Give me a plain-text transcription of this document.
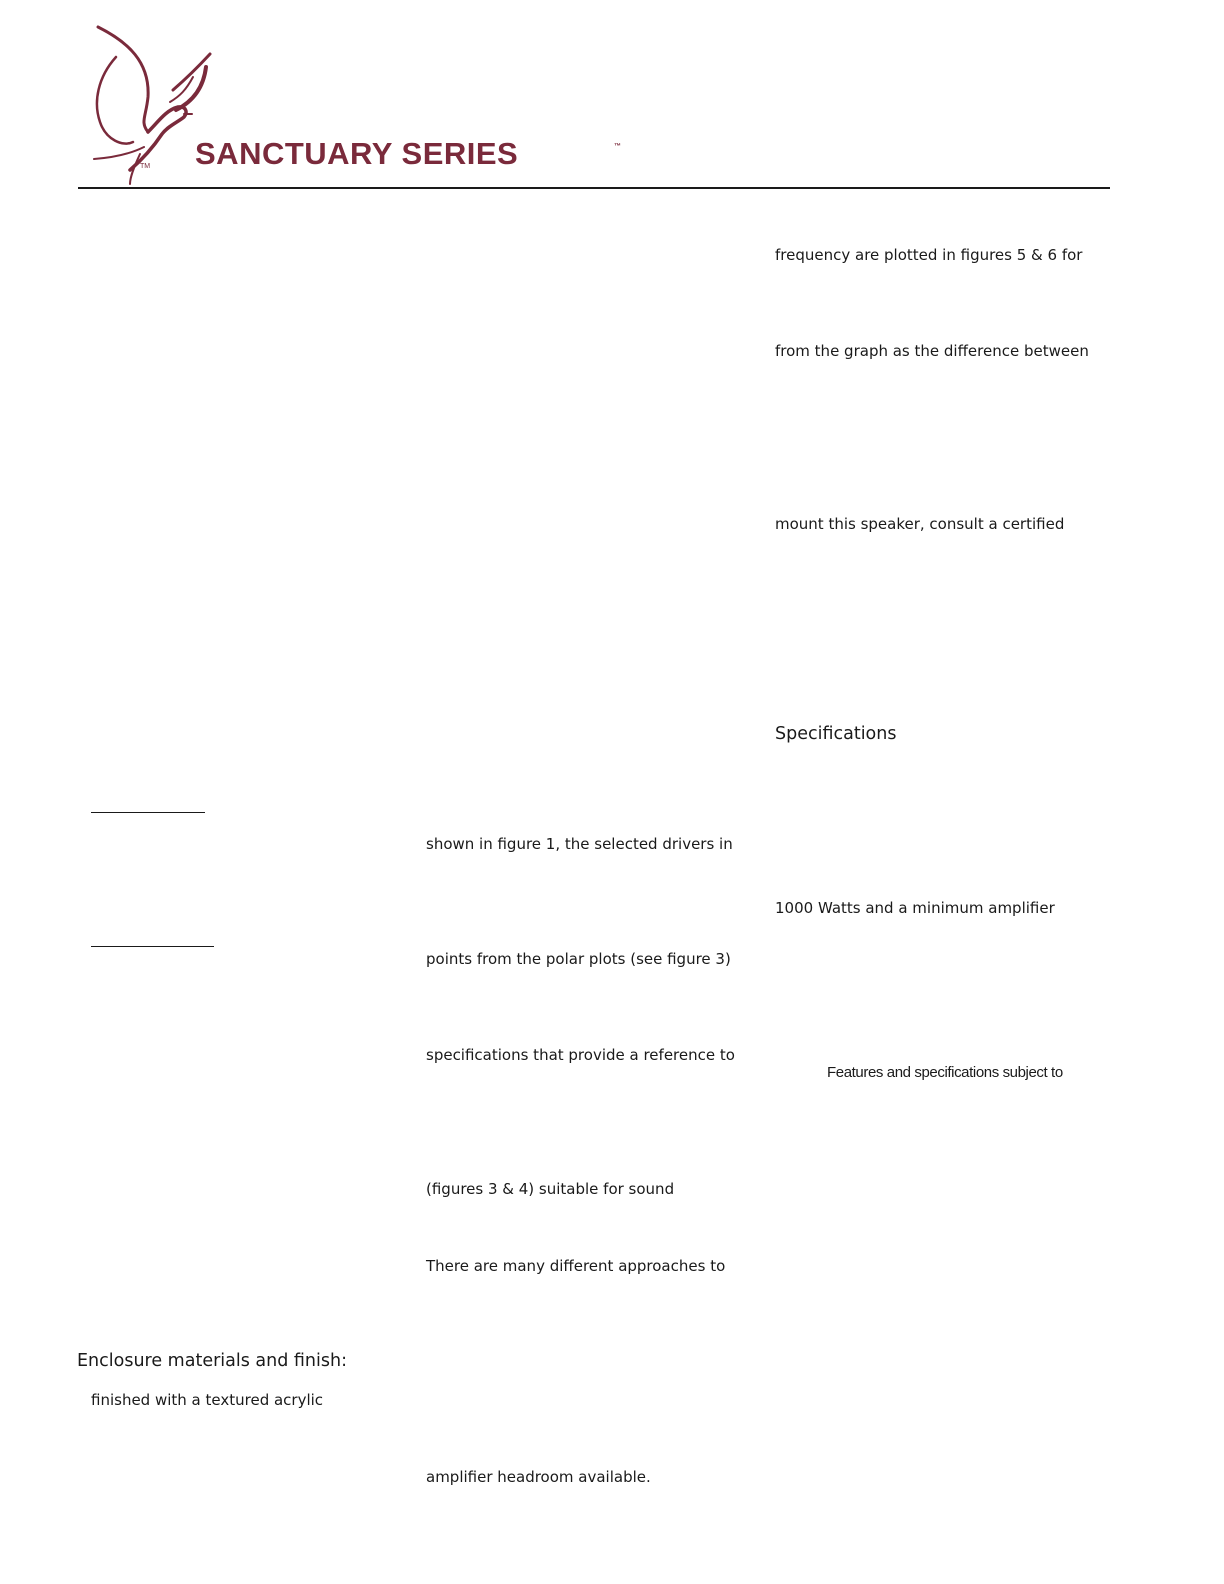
TM SANCTUARY SERIES	™
frequency are plotted in figures 5 & 6 for
from the graph as the difference between
mount this speaker, consult a certified
Specifications
1000 Watts and a minimum amplifier
Features and specifications subject to
shown in figure 1, the selected drivers in
points from the polar plots (see figure 3)
specifications that provide a reference to
(figures 3 & 4) suitable for sound
There are many different approaches to
amplifier headroom available.
Enclosure materials and finish:
finished with a textured acrylic
